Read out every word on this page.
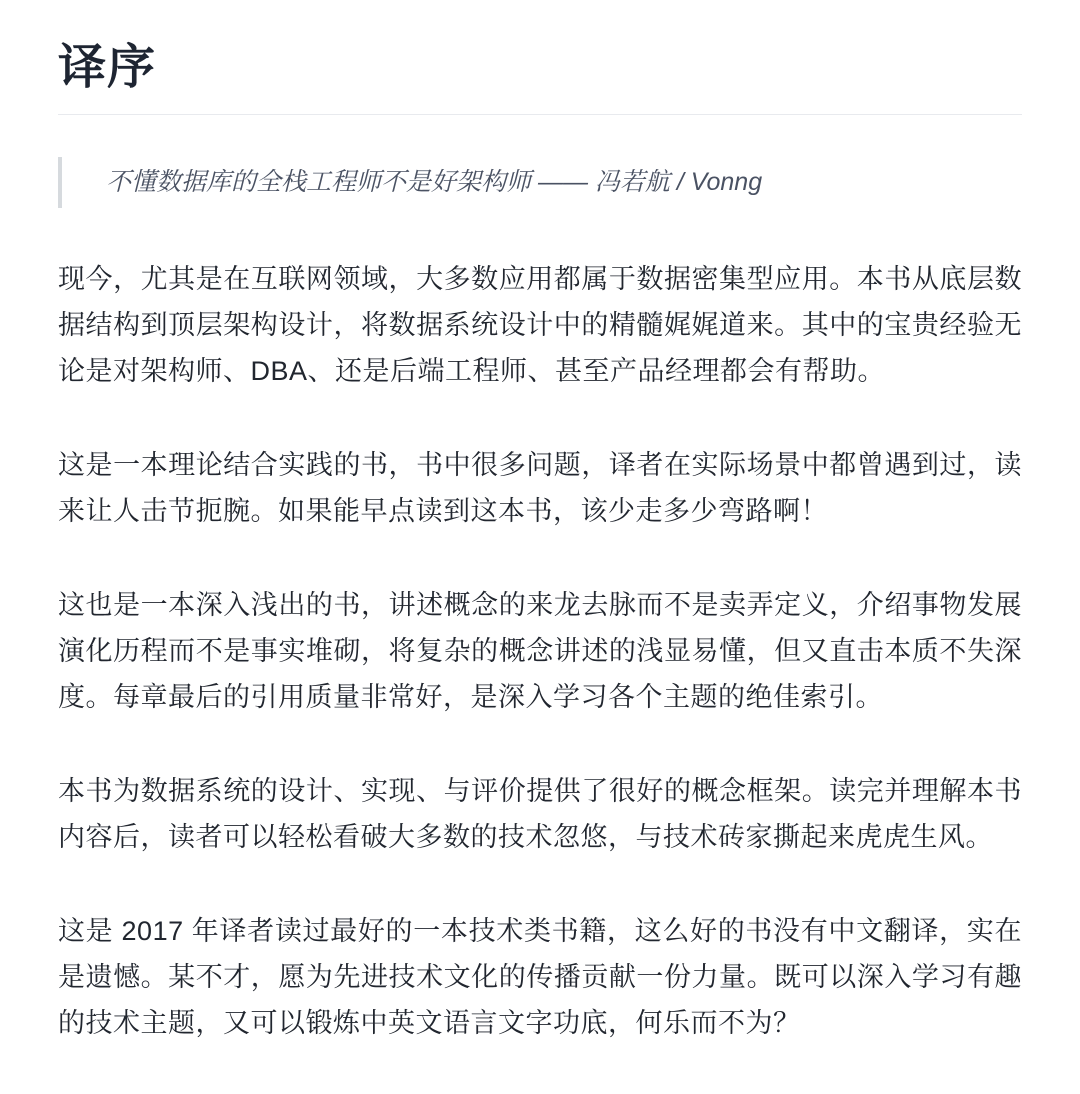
译序

不懂数据库的全栈工程师不是好架构师 —— 冯若航 / Vonng

现今，尤其是在互联网领域，大多数应用都属于数据密集型应用。本书从底层数据结构到顶层架构设计，将数据系统设计中的精髓娓娓道来。其中的宝贵经验无论是对架构师、DBA、还是后端工程师、甚至产品经理都会有帮助。

这是一本理论结合实践的书，书中很多问题，译者在实际场景中都曾遇到过，读来让人击节扼腕。如果能早点读到这本书，该少走多少弯路啊！

这也是一本深入浅出的书，讲述概念的来龙去脉而不是卖弄定义，介绍事物发展演化历程而不是事实堆砌，将复杂的概念讲述的浅显易懂，但又直击本质不失深度。每章最后的引用质量非常好，是深入学习各个主题的绝佳索引。

本书为数据系统的设计、实现、与评价提供了很好的概念框架。读完并理解本书内容后，读者可以轻松看破大多数的技术忽悠，与技术砖家撕起来虎虎生风。

这是 2017 年译者读过最好的一本技术类书籍，这么好的书没有中文翻译，实在是遗憾。某不才，愿为先进技术文化的传播贡献一份力量。既可以深入学习有趣的技术主题，又可以锻炼中英文语言文字功底，何乐而不为？
